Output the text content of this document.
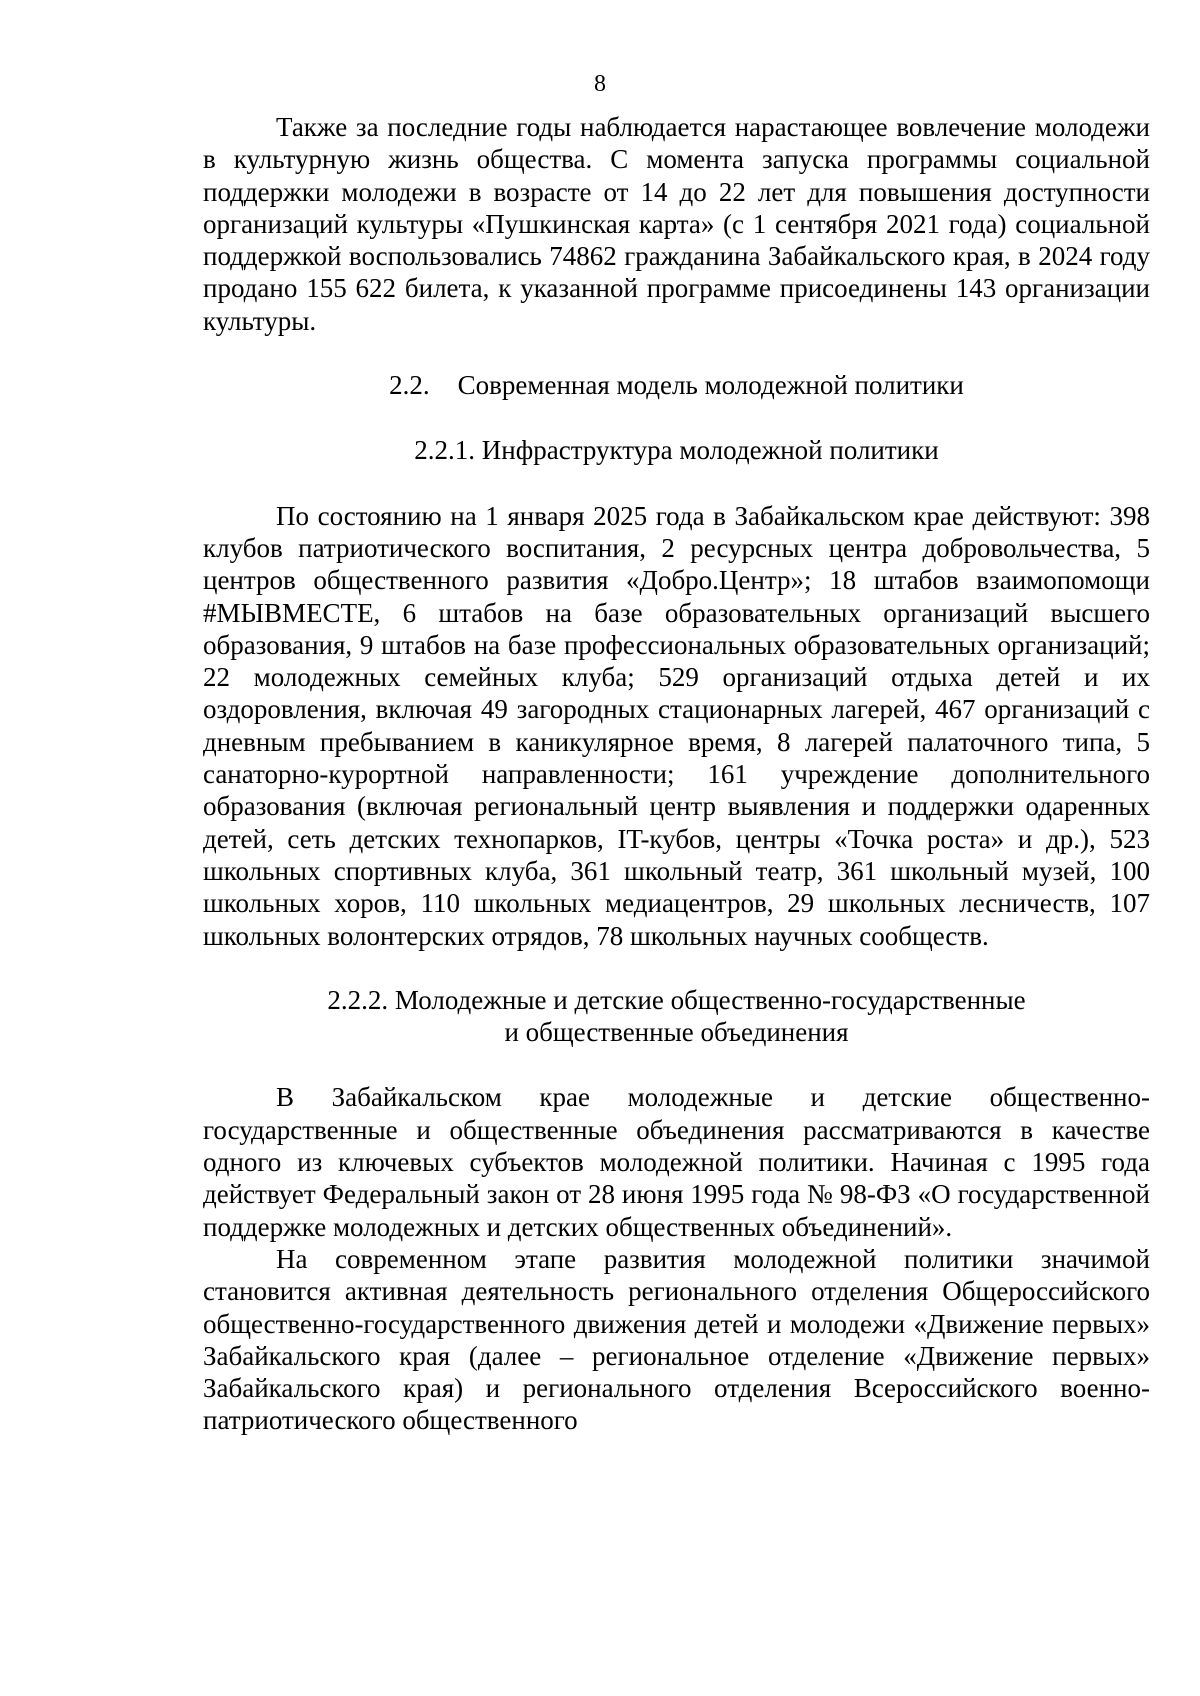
8

Также за последние годы наблюдается нарастающее вовлечение молодежи в культурную жизнь общества. С момента запуска программы социальной поддержки молодежи в возрасте от 14 до 22 лет для повышения доступности организаций культуры «Пушкинская карта» (с 1 сентября 2021 года) социальной поддержкой воспользовались 74862 гражданина Забайкальского края, в 2024 году продано 155 622 билета, к указанной программе присоединены 143 организации культуры.

2.2. Современная модель молодежной политики

2.2.1. Инфраструктура молодежной политики

По состоянию на 1 января 2025 года в Забайкальском крае действуют: 398 клубов патриотического воспитания, 2 ресурсных центра добровольчества, 5 центров общественного развития «Добро.Центр»; 18 штабов взаимопомощи #МЫВМЕСТЕ, 6 штабов на базе образовательных организаций высшего образования, 9 штабов на базе профессиональных образовательных организаций; 22 молодежных семейных клуба; 529 организаций отдыха детей и их оздоровления, включая 49 загородных стационарных лагерей, 467 организаций с дневным пребыванием в каникулярное время, 8 лагерей палаточного типа, 5 санаторно-курортной направленности; 161 учреждение дополнительного образования (включая региональный центр выявления и поддержки одаренных детей, сеть детских технопарков, IT-кубов, центры «Точка роста» и др.), 523 школьных спортивных клуба, 361 школьный театр, 361 школьный музей, 100 школьных хоров, 110 школьных медиацентров, 29 школьных лесничеств, 107 школьных волонтерских отрядов, 78 школьных научных сообществ.

2.2.2. Молодежные и детские общественно-государственные
и общественные объединения

В Забайкальском крае молодежные и детские общественно-государственные и общественные объединения рассматриваются в качестве одного из ключевых субъектов молодежной политики. Начиная с 1995 года действует Федеральный закон от 28 июня 1995 года № 98-ФЗ «О государственной поддержке молодежных и детских общественных объединений».

На современном этапе развития молодежной политики значимой становится активная деятельность регионального отделения Общероссийского общественно-государственного движения детей и молодежи «Движение первых» Забайкальского края (далее – региональное отделение «Движение первых» Забайкальского края) и регионального отделения Всероссийского военно-патриотического общественного
